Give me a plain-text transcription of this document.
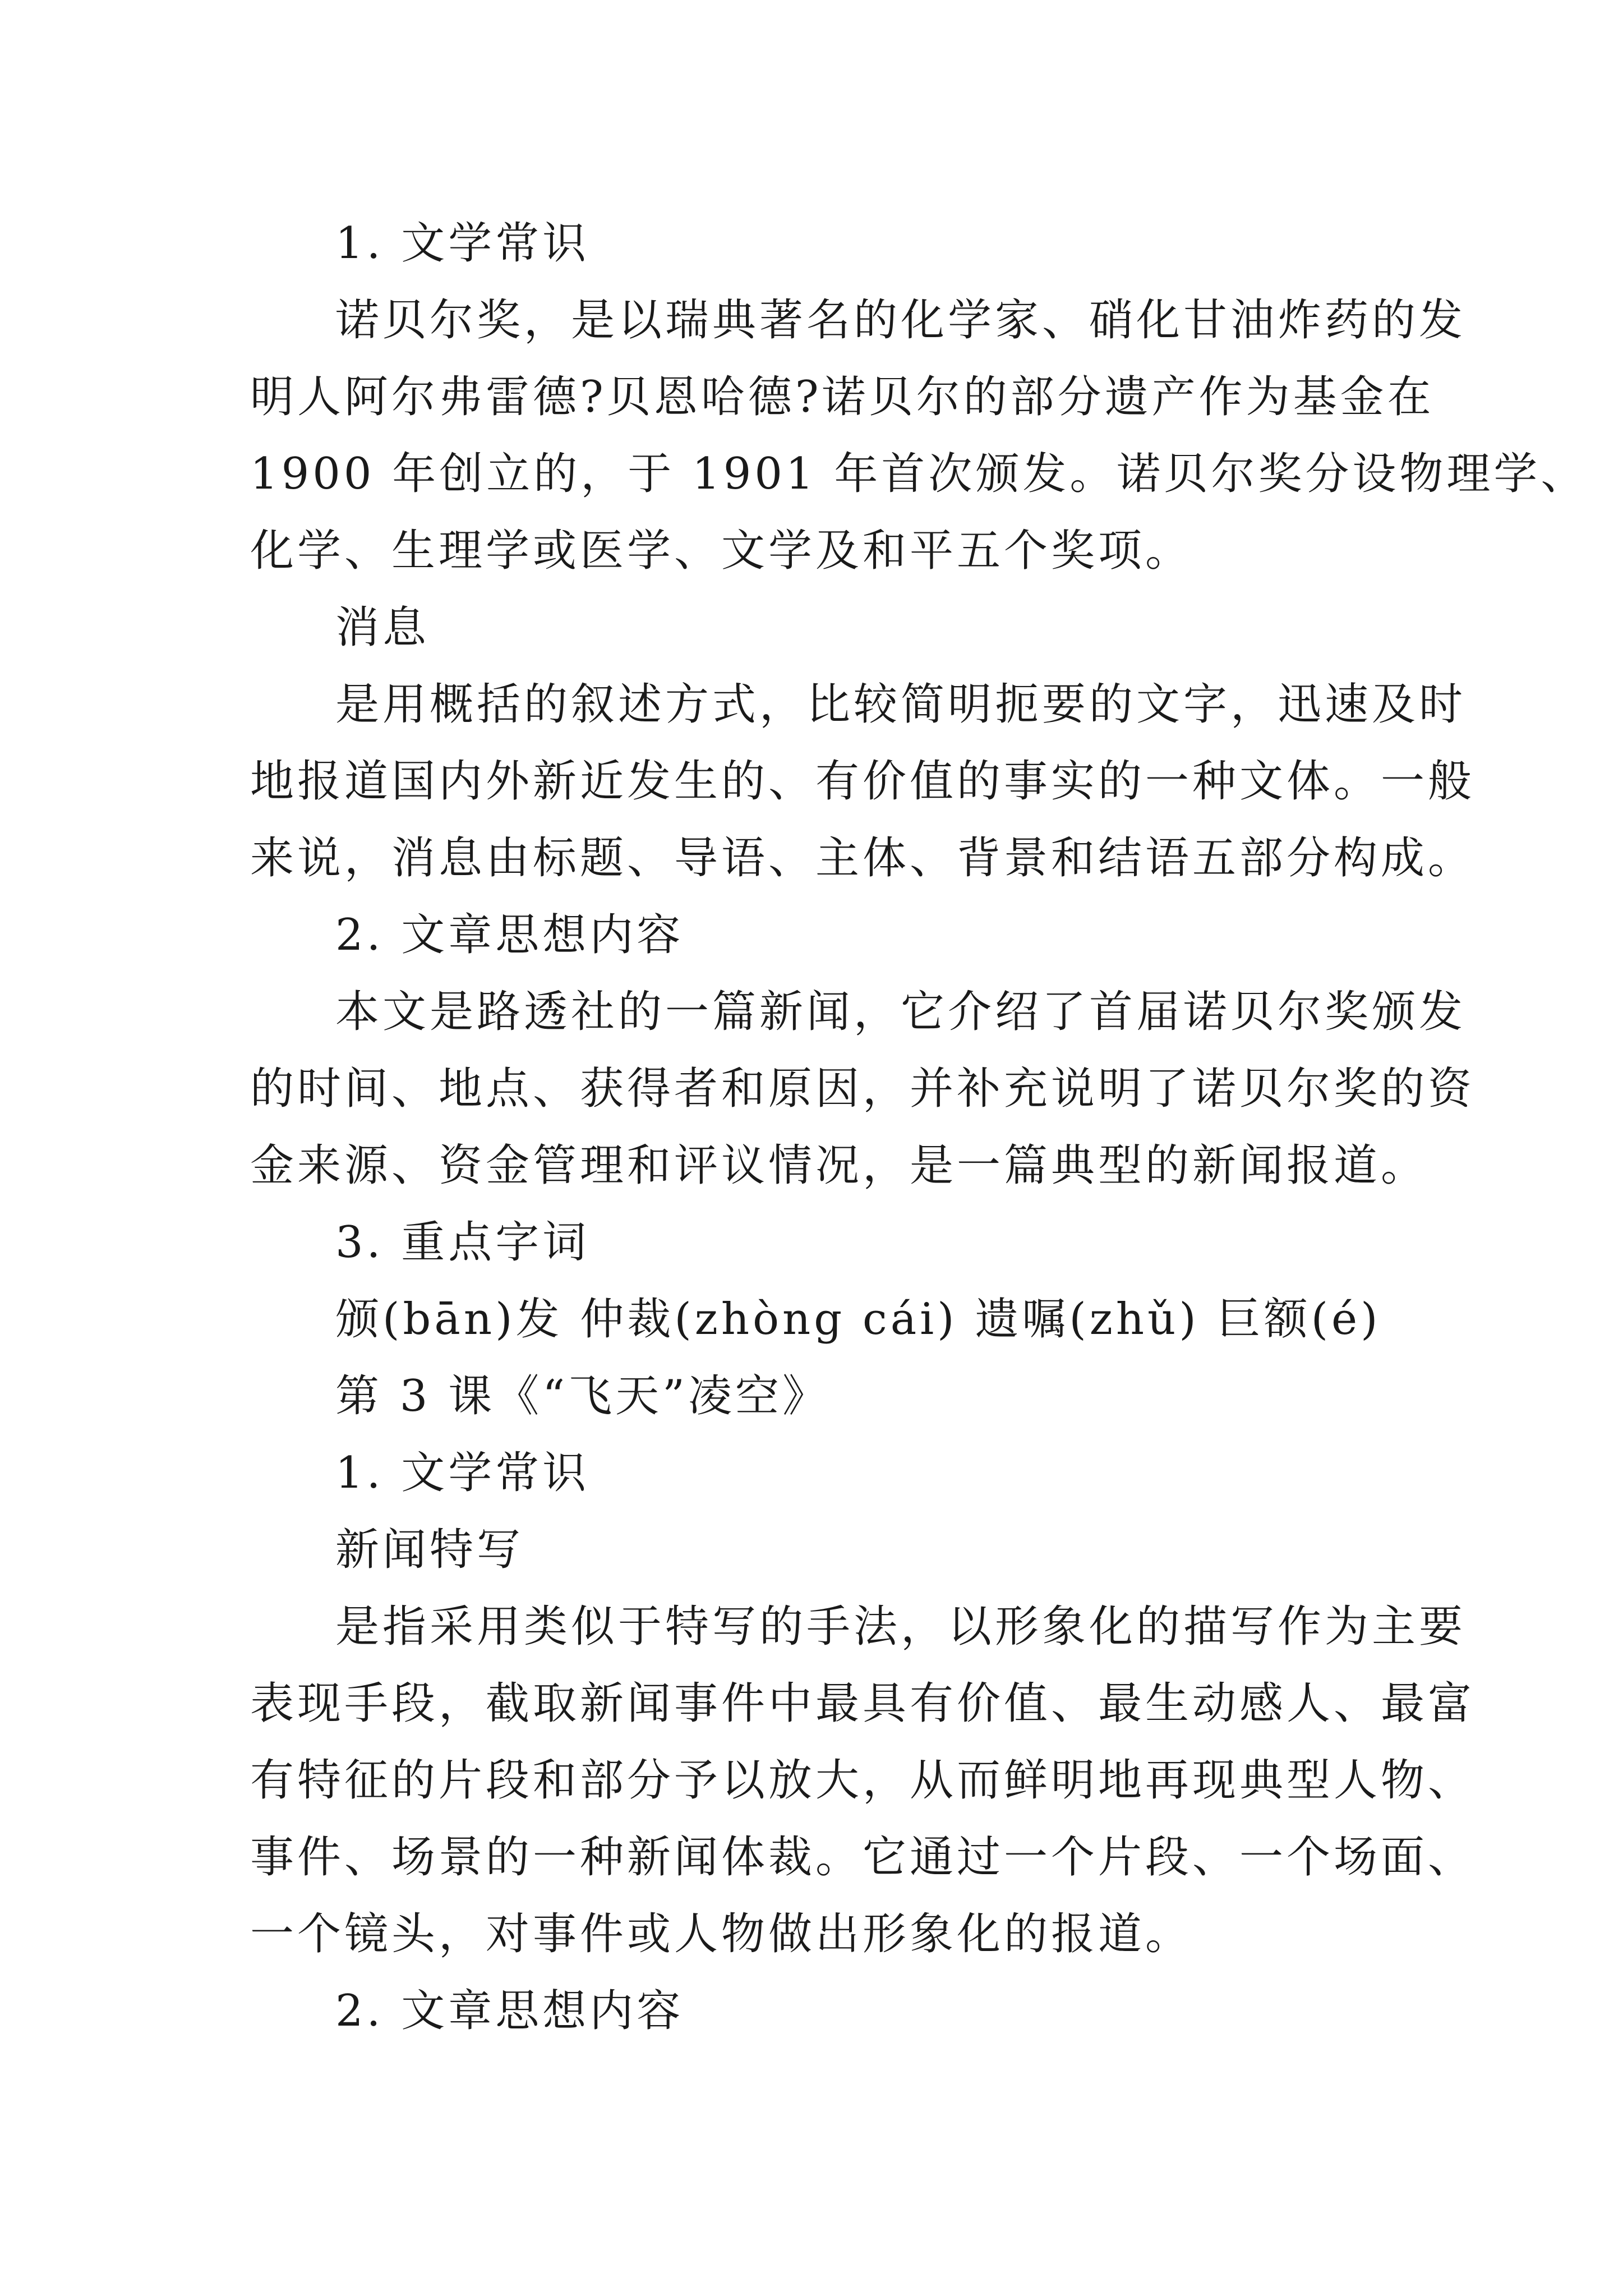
1. 文学常识
诺贝尔奖，是以瑞典著名的化学家、硝化甘油炸药的发
明人阿尔弗雷德?贝恩哈德?诺贝尔的部分遗产作为基金在
1900 年创立的，于 1901 年首次颁发。诺贝尔奖分设物理学、
化学、生理学或医学、文学及和平五个奖项。
消息
是用概括的叙述方式，比较简明扼要的文字，迅速及时
地报道国内外新近发生的、有价值的事实的一种文体。一般
来说，消息由标题、导语、主体、背景和结语五部分构成。
2. 文章思想内容
本文是路透社的一篇新闻，它介绍了首届诺贝尔奖颁发
的时间、地点、获得者和原因，并补充说明了诺贝尔奖的资
金来源、资金管理和评议情况，是一篇典型的新闻报道。
3. 重点字词
颁(bān)发 仲裁(zhòng cái) 遗嘱(zhǔ) 巨额(é)
第 3 课《“飞天”凌空》
1. 文学常识
新闻特写
是指采用类似于特写的手法，以形象化的描写作为主要
表现手段，截取新闻事件中最具有价值、最生动感人、最富
有特征的片段和部分予以放大，从而鲜明地再现典型人物、
事件、场景的一种新闻体裁。它通过一个片段、一个场面、
一个镜头，对事件或人物做出形象化的报道。
2. 文章思想内容
